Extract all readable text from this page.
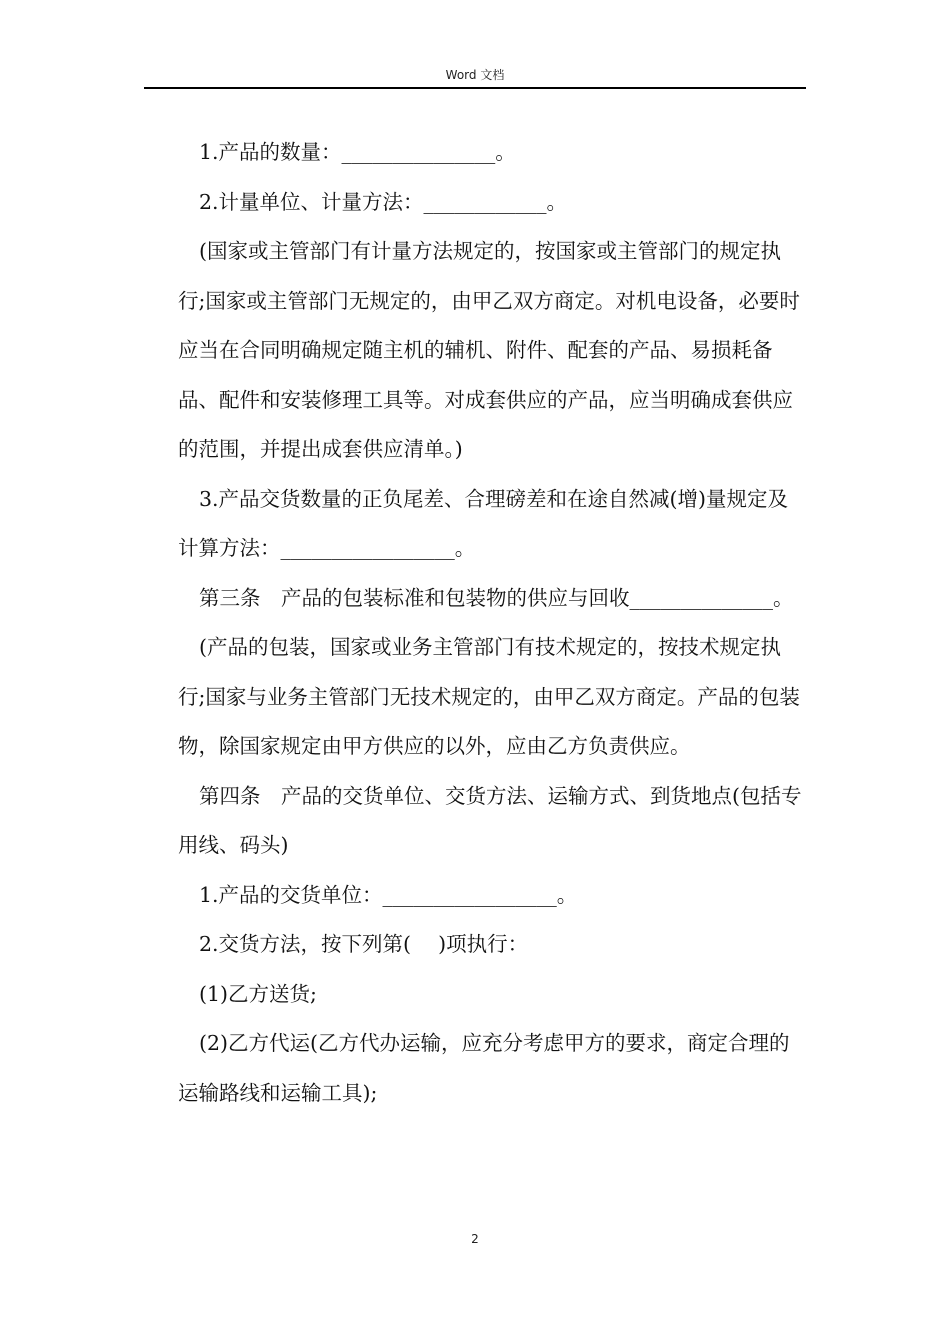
Word 文档

1.产品的数量：_______________。

2.计量单位、计量方法：____________。

(国家或主管部门有计量方法规定的，按国家或主管部门的规定执行;国家或主管部门无规定的，由甲乙双方商定。对机电设备，必要时应当在合同明确规定随主机的辅机、附件、配套的产品、易损耗备品、配件和安装修理工具等。对成套供应的产品，应当明确成套供应的范围，并提出成套供应清单。)

3.产品交货数量的正负尾差、合理磅差和在途自然减(增)量规定及计算方法：_________________。

第三条　产品的包装标准和包装物的供应与回收______________。

(产品的包装，国家或业务主管部门有技术规定的，按技术规定执行;国家与业务主管部门无技术规定的，由甲乙双方商定。产品的包装物，除国家规定由甲方供应的以外，应由乙方负责供应。

第四条　产品的交货单位、交货方法、运输方式、到货地点(包括专用线、码头)

1.产品的交货单位：_________________。

2.交货方法，按下列第(　 )项执行：

(1)乙方送货;

(2)乙方代运(乙方代办运输，应充分考虑甲方的要求，商定合理的运输路线和运输工具);

2
